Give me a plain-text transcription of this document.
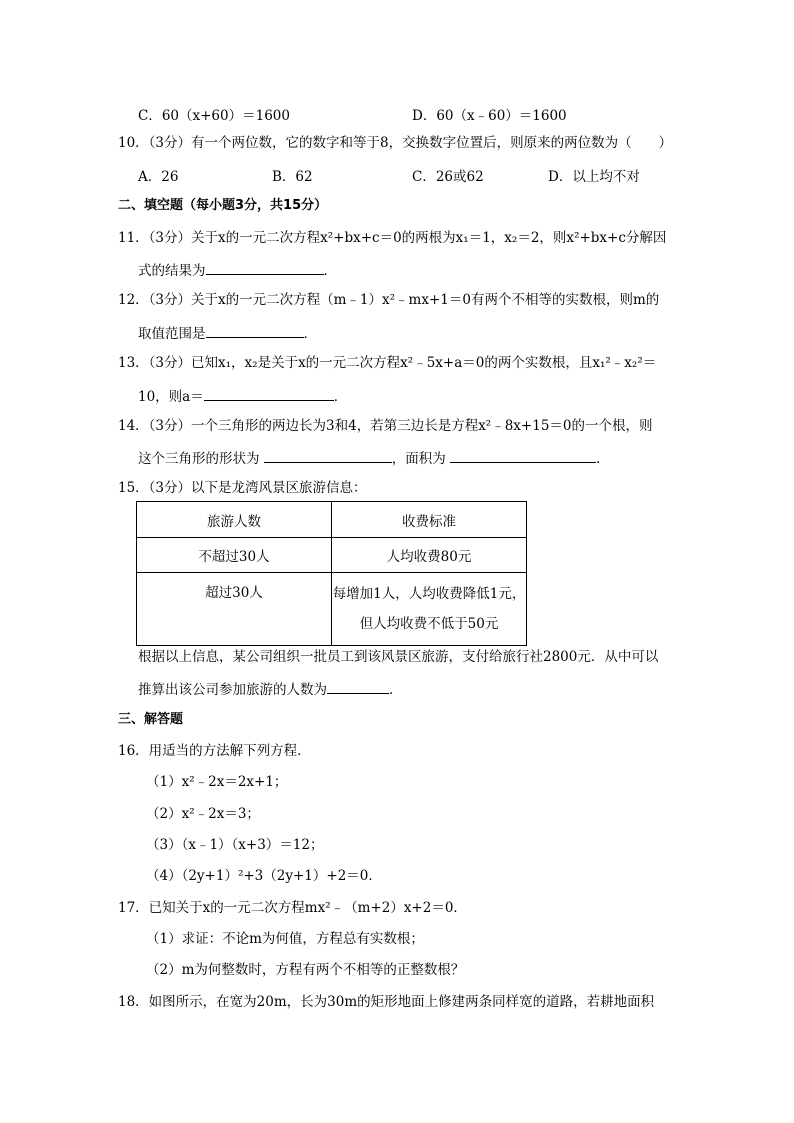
C．60（x+60）＝1600	D．60（x﹣60）＝1600
10．（3分）有一个两位数，它的数字和等于8，交换数字位置后，则原来的两位数为（　　）
A．26	B．62	C．26或62	D．以上均不对
二、填空题（每小题3分，共15分）
11．（3分）关于x的一元二次方程x²+bx+c＝0的两根为x₁＝1，x₂＝2，则x²+bx+c分解因
式的结果为	．
12．（3分）关于x的一元二次方程（m﹣1）x²﹣mx+1＝0有两个不相等的实数根，则m的
取值范围是	．
13．（3分）已知x₁，x₂是关于x的一元二次方程x²﹣5x+a＝0的两个实数根，且x₁²﹣x₂²＝
10，则a＝	．
14．（3分）一个三角形的两边长为3和4，若第三边长是方程x²﹣8x+15＝0的一个根，则
这个三角形的形状为	，面积为	．
15．（3分）以下是龙湾风景区旅游信息：
旅游人数	收费标准
不超过30人	人均收费80元
超过30人	每增加1人，人均收费降低1元，
但人均收费不低于50元
根据以上信息，某公司组织一批员工到该风景区旅游，支付给旅行社2800元．从中可以
推算出该公司参加旅游的人数为	．
三、解答题
16．用适当的方法解下列方程．
（1）x²﹣2x＝2x+1；
（2）x²﹣2x＝3；
（3）（x﹣1）（x+3）＝12；
（4）（2y+1）²+3（2y+1）+2＝0．
17．已知关于x的一元二次方程mx²﹣（m+2）x+2＝0．
（1）求证：不论m为何值，方程总有实数根；
（2）m为何整数时，方程有两个不相等的正整数根？
18．如图所示，在宽为20m，长为30m的矩形地面上修建两条同样宽的道路，若耕地面积
